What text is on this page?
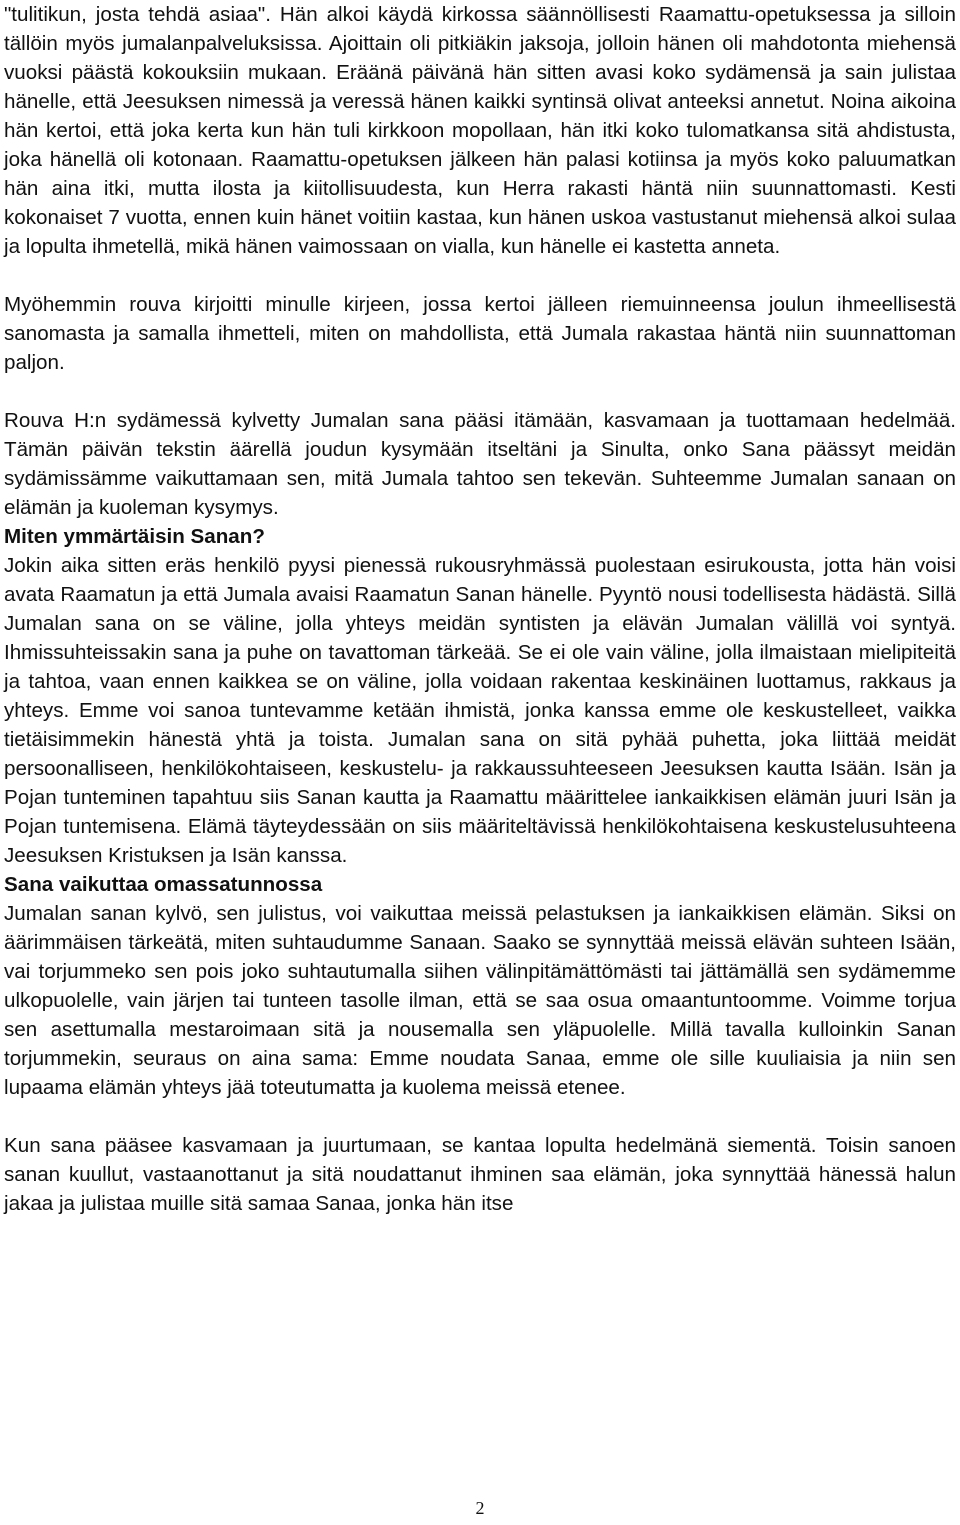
"tulitikun, josta tehdä asiaa". Hän alkoi käydä kirkossa säännöllisesti Raamattu-opetuksessa ja silloin tällöin myös jumalanpalveluksissa. Ajoittain oli pitkiäkin jaksoja, jolloin hänen oli mahdotonta miehensä vuoksi päästä kokouksiin mukaan. Eräänä päivänä hän sitten avasi koko sydämensä ja sain julistaa hänelle, että Jeesuksen nimessä ja veressä hänen kaikki syntinsä olivat anteeksi annetut. Noina aikoina hän kertoi, että joka kerta kun hän tuli kirkkoon mopollaan, hän itki koko tulomatkansa sitä ahdistusta, joka hänellä oli kotonaan. Raamattu-opetuksen jälkeen hän palasi kotiinsa ja myös koko paluumatkan hän aina itki, mutta ilosta ja kiitollisuudesta, kun Herra rakasti häntä niin suunnattomasti. Kesti kokonaiset 7 vuotta, ennen kuin hänet voitiin kastaa, kun hänen uskoa vastustanut miehensä alkoi sulaa ja lopulta ihmetellä, mikä hänen vaimossaan on vialla, kun hänelle ei kastetta anneta.

Myöhemmin rouva kirjoitti minulle kirjeen, jossa kertoi jälleen riemuinneensa joulun ihmeellisestä sanomasta ja samalla ihmetteli, miten on mahdollista, että Jumala rakastaa häntä niin suunnattoman paljon.

Rouva H:n sydämessä kylvetty Jumalan sana pääsi itämään, kasvamaan ja tuottamaan hedelmää. Tämän päivän tekstin äärellä joudun kysymään itseltäni ja Sinulta, onko Sana päässyt meidän sydämissämme vaikuttamaan sen, mitä Jumala tahtoo sen tekevän. Suhteemme Jumalan sanaan on elämän ja kuoleman kysymys.

Miten ymmärtäisin Sanan?

Jokin aika sitten eräs henkilö pyysi pienessä rukousryhmässä puolestaan esirukousta, jotta hän voisi avata Raamatun ja että Jumala avaisi Raamatun Sanan hänelle. Pyyntö nousi todellisesta hädästä. Sillä Jumalan sana on se väline, jolla yhteys meidän syntisten ja elävän Jumalan välillä voi syntyä. Ihmissuhteissakin sana ja puhe on tavattoman tärkeää. Se ei ole vain väline, jolla ilmaistaan mielipiteitä ja tahtoa, vaan ennen kaikkea se on väline, jolla voidaan rakentaa keskinäinen luottamus, rakkaus ja yhteys. Emme voi sanoa tuntevamme ketään ihmistä, jonka kanssa emme ole keskustelleet, vaikka tietäisimmekin hänestä yhtä ja toista. Jumalan sana on sitä pyhää puhetta, joka liittää meidät persoonalliseen, henkilökohtaiseen, keskustelu- ja rakkaussuhteeseen Jeesuksen kautta Isään. Isän ja Pojan tunteminen tapahtuu siis Sanan kautta ja Raamattu määrittelee iankaikkisen elämän juuri Isän ja Pojan tuntemisena. Elämä täyteydessään on siis määriteltävissä henkilökohtaisena keskustelusuhteena Jeesuksen Kristuksen ja Isän kanssa.

Sana vaikuttaa omassatunnossa

Jumalan sanan kylvö, sen julistus, voi vaikuttaa meissä pelastuksen ja iankaikkisen elämän. Siksi on äärimmäisen tärkeätä, miten suhtaudumme Sanaan. Saako se synnyttää meissä elävän suhteen Isään, vai torjummeko sen pois joko suhtautumalla siihen välinpitämättömästi tai jättämällä sen sydämemme ulkopuolelle, vain järjen tai tunteen tasolle ilman, että se saa osua omaantuntoomme. Voimme torjua sen asettumalla mestaroimaan sitä ja nousemalla sen yläpuolelle. Millä tavalla kulloinkin Sanan torjummekin, seuraus on aina sama: Emme noudata Sanaa, emme ole sille kuuliaisia ja niin sen lupaama elämän yhteys jää toteutumatta ja kuolema meissä etenee.

Kun sana pääsee kasvamaan ja juurtumaan, se kantaa lopulta hedelmänä siementä. Toisin sanoen sanan kuullut, vastaanottanut ja sitä noudattanut ihminen saa elämän, joka synnyttää hänessä halun jakaa ja julistaa muille sitä samaa Sanaa, jonka hän itse

2
